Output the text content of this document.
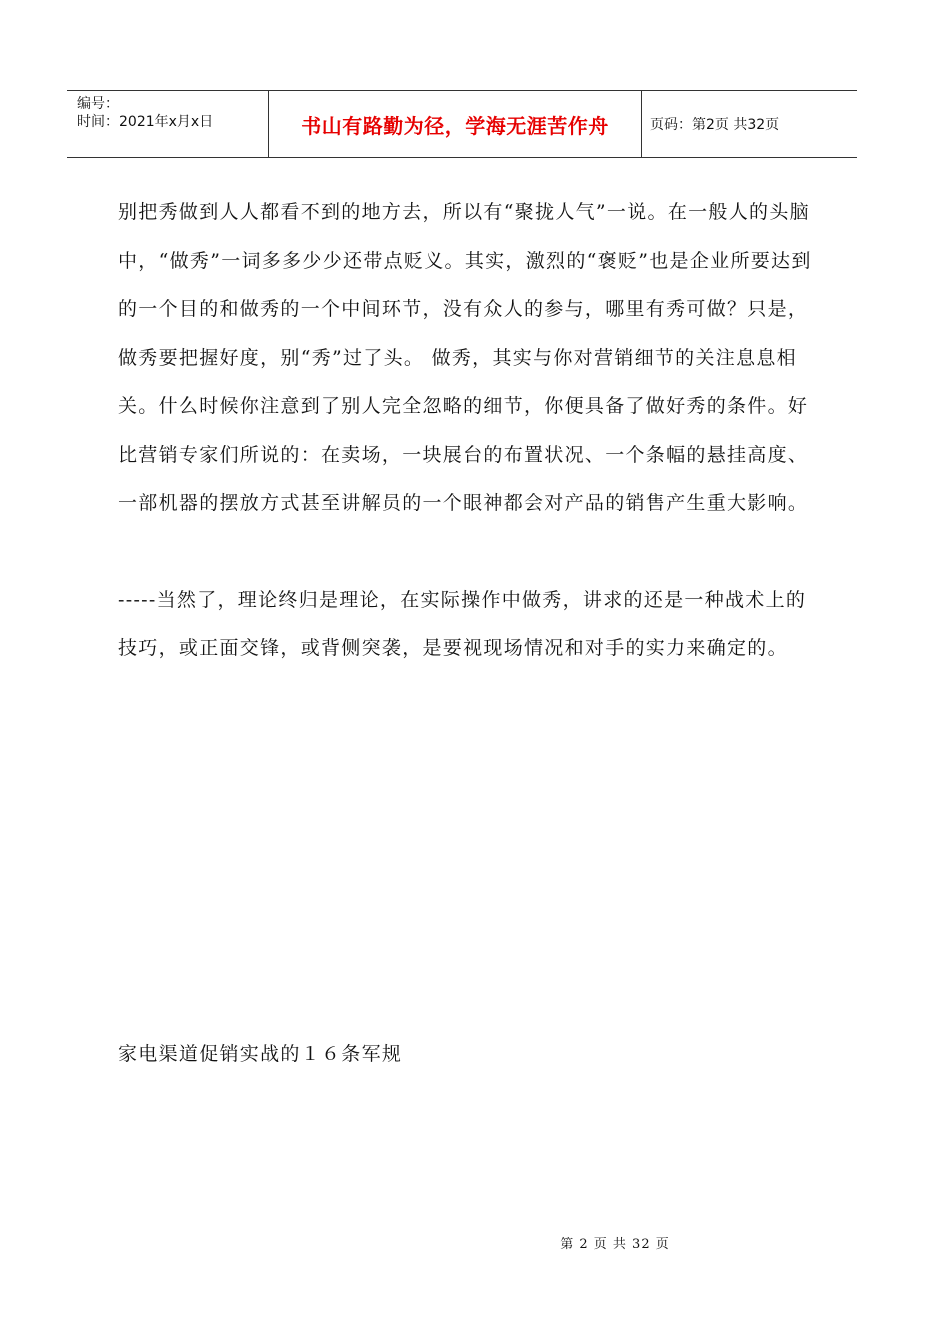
编号：
时间：2021年x月x日	书山有路勤为径，学海无涯苦作舟	页码：第2页 共32页

别把秀做到人人都看不到的地方去，所以有“聚拢人气”一说。在一般人的头脑中，“做秀”一词多多少少还带点贬义。其实，激烈的“褒贬”也是企业所要达到的一个目的和做秀的一个中间环节，没有众人的参与，哪里有秀可做？只是，做秀要把握好度，别“秀”过了头。 做秀，其实与你对营销细节的关注息息相关。什么时候你注意到了别人完全忽略的细节，你便具备了做好秀的条件。好比营销专家们所说的：在卖场，一块展台的布置状况、一个条幅的悬挂高度、一部机器的摆放方式甚至讲解员的一个眼神都会对产品的销售产生重大影响。

-----当然了，理论终归是理论，在实际操作中做秀，讲求的还是一种战术上的技巧，或正面交锋，或背侧突袭，是要视现场情况和对手的实力来确定的。

家电渠道促销实战的１６条军规
第 2 页 共 32 页
